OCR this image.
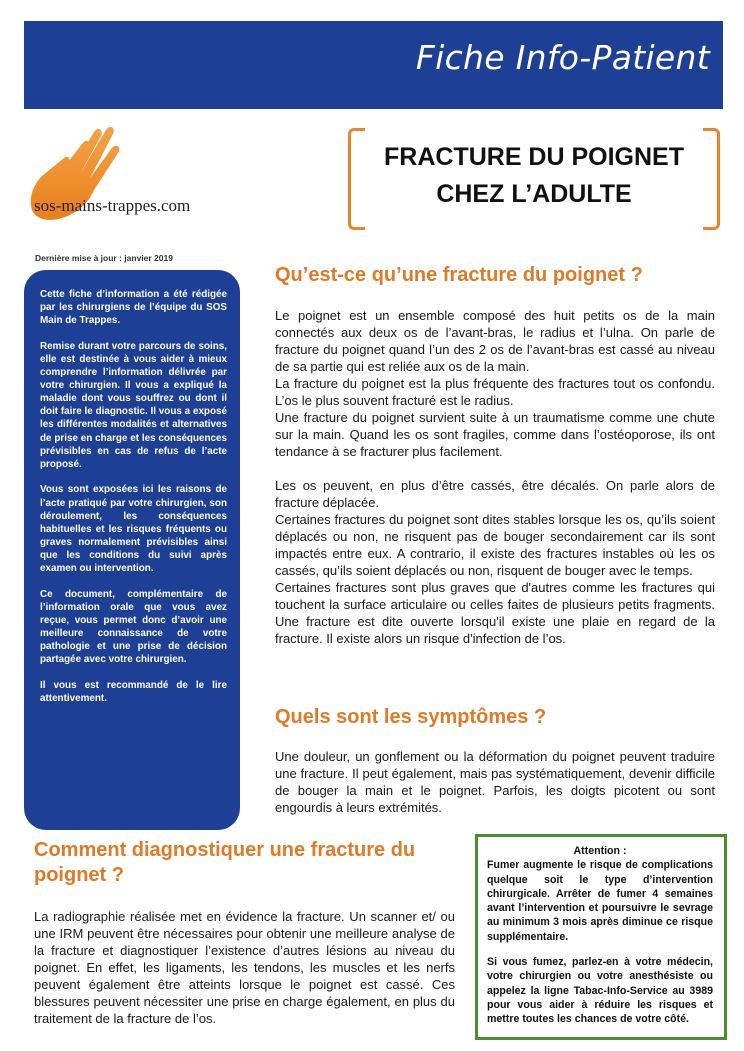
Fiche Info-Patient
www.sos-mains-trappes.com
sos-mains-trappes.com
FRACTURE DU POIGNET
CHEZ L’ADULTE
Dernière mise à jour : janvier 2019

Cette fiche d’information a été rédigée par les chirurgiens de l’équipe du SOS Main de Trappes.

Remise durant votre parcours de soins, elle est destinée à vous aider à mieux comprendre l’information délivrée par votre chirurgien. Il vous a expliqué la maladie dont vous souffrez ou dont il doit faire le diagnostic. Il vous a exposé les différentes modalités et alternatives de prise en charge et les conséquences prévisibles en cas de refus de l’acte proposé.

Vous sont exposées ici les raisons de l’acte pratiqué par votre chirurgien, son déroulement, les conséquences habituelles et les risques fréquents ou graves normalement prévisibles ainsi que les conditions du suivi après examen ou intervention.

Ce document, complémentaire de l’information orale que vous avez reçue, vous permet donc d’avoir une meilleure connaissance de votre pathologie et une prise de décision partagée avec votre chirurgien.

Il vous est recommandé de le lire attentivement.

Qu’est-ce qu’une fracture du poignet ?

Le poignet est un ensemble composé des huit petits os de la main connectés aux deux os de l’avant-bras, le radius et l’ulna. On parle de fracture du poignet quand l’un des 2 os de l’avant-bras est cassé au niveau de sa partie qui est reliée aux os de la main.

La fracture du poignet est la plus fréquente des fractures tout os confondu. L’os le plus souvent fracturé est le radius.

Une fracture du poignet survient suite à un traumatisme comme une chute sur la main. Quand les os sont fragiles, comme dans l’ostéoporose, ils ont tendance à se fracturer plus facilement.

Les os peuvent, en plus d’être cassés, être décalés. On parle alors de fracture déplacée.

Certaines fractures du poignet sont dites stables lorsque les os, qu’ils soient déplacés ou non, ne risquent pas de bouger secondairement car ils sont impactés entre eux. A contrario, il existe des fractures instables où les os cassés, qu’ils soient déplacés ou non, risquent de bouger avec le temps.

Certaines fractures sont plus graves que d'autres comme les fractures qui touchent la surface articulaire ou celles faites de plusieurs petits fragments. Une fracture est dite ouverte lorsqu'il existe une plaie en regard de la fracture. Il existe alors un risque d'infection de l’os.

Quels sont les symptômes ?

Une douleur, un gonflement ou la déformation du poignet peuvent traduire une fracture. Il peut également, mais pas systématiquement, devenir difficile de bouger la main et le poignet. Parfois, les doigts picotent ou sont engourdis à leurs extrémités.

Comment diagnostiquer une fracture du
poignet ?

La radiographie réalisée met en évidence la fracture. Un scanner et/ ou une IRM peuvent être nécessaires pour obtenir une meilleure analyse de la fracture et diagnostiquer l’existence d’autres lésions au niveau du poignet. En effet, les ligaments, les tendons, les muscles et les nerfs peuvent également être atteints lorsque le poignet est cassé. Ces blessures peuvent nécessiter une prise en charge également, en plus du traitement de la fracture de l’os.

Attention :

Fumer augmente le risque de complications quelque soit le type d’intervention chirurgicale. Arrêter de fumer 4 semaines avant l’intervention et poursuivre le sevrage au minimum 3 mois après diminue ce risque supplémentaire.

Si vous fumez, parlez-en à votre médecin, votre chirurgien ou votre anesthésiste ou appelez la ligne Tabac-Info-Service au 3989 pour vous aider à réduire les risques et mettre toutes les chances de votre côté.
